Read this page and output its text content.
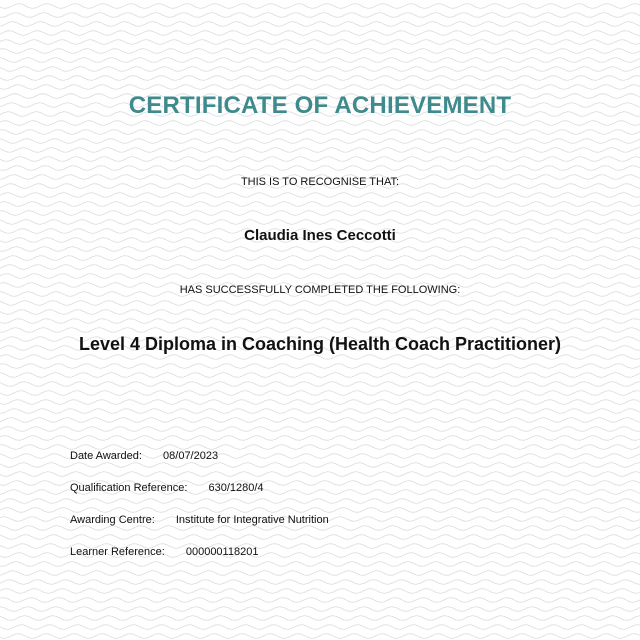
CERTIFICATE OF ACHIEVEMENT
THIS IS TO RECOGNISE THAT:
Claudia Ines Ceccotti
HAS SUCCESSFULLY COMPLETED THE FOLLOWING:
Level 4 Diploma in Coaching (Health Coach Practitioner)
Date Awarded: 08/07/2023
Qualification Reference: 630/1280/4
Awarding Centre: Institute for Integrative Nutrition
Learner Reference: 000000118201
